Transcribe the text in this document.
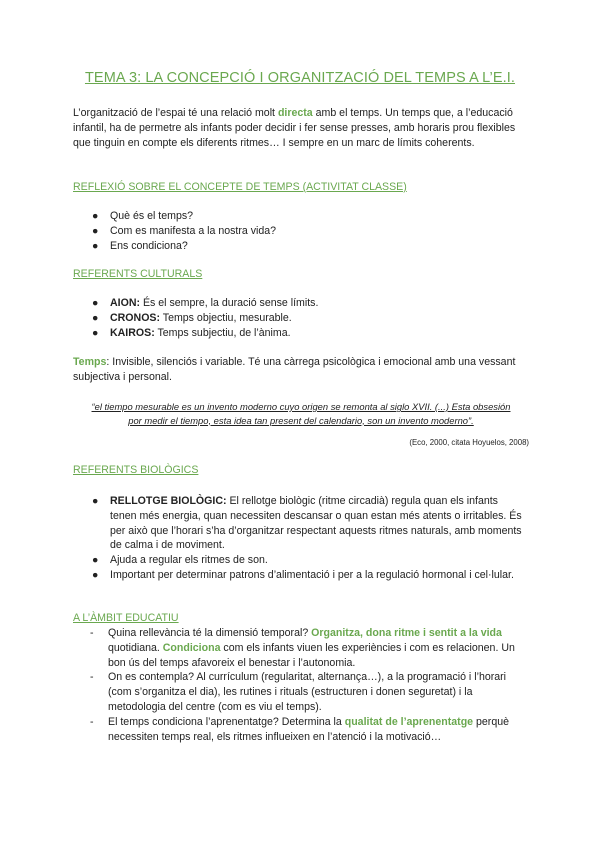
TEMA 3: LA CONCEPCIÓ I ORGANITZACIÓ DEL TEMPS A L’E.I.
L’organització de l’espai té una relació molt directa amb el temps. Un temps que, a l’educació infantil, ha de permetre als infants poder decidir i fer sense presses, amb horaris prou flexibles que tinguin en compte els diferents ritmes… I sempre en un marc de límits coherents.
REFLEXIÓ SOBRE EL CONCEPTE DE TEMPS (ACTIVITAT CLASSE)
● Què és el temps?
● Com es manifesta a la nostra vida?
● Ens condiciona?
REFERENTS CULTURALS
● AION: És el sempre, la duració sense límits.
● CRONOS: Temps objectiu, mesurable.
● KAIROS: Temps subjectiu, de l’ànima.
Temps: Invisible, silenciós i variable. Té una càrrega psicològica i emocional amb una vessant subjectiva i personal.
“el tiempo mesurable es un invento moderno cuyo origen se remonta al siglo XVII. (...) Esta obsesión
por medir el tiempo, esta idea tan present del calendario, son un invento moderno”.
(Eco, 2000, citata Hoyuelos, 2008)
REFERENTS BIOLÒGICS
● RELLOTGE BIOLÒGIC: El rellotge biològic (ritme circadià) regula quan els infants tenen més energia, quan necessiten descansar o quan estan més atents o irritables. És per això que l’horari s’ha d’organitzar respectant aquests ritmes naturals, amb moments de calma i de moviment.
● Ajuda a regular els ritmes de son.
● Important per determinar patrons d’alimentació i per a la regulació hormonal i cel·lular.
A L’ÀMBIT EDUCATIU
- Quina rellevància té la dimensió temporal? Organitza, dona ritme i sentit a la vida quotidiana. Condiciona com els infants viuen les experiències i com es relacionen. Un bon ús del temps afavoreix el benestar i l’autonomia.
- On es contempla? Al currículum (regularitat, alternança…), a la programació i l’horari (com s’organitza el dia), les rutines i rituals (estructuren i donen seguretat) i la metodologia del centre (com es viu el temps).
- El temps condiciona l’aprenentatge? Determina la qualitat de l’aprenentatge perquè necessiten temps real, els ritmes influeixen en l’atenció i la motivació…
